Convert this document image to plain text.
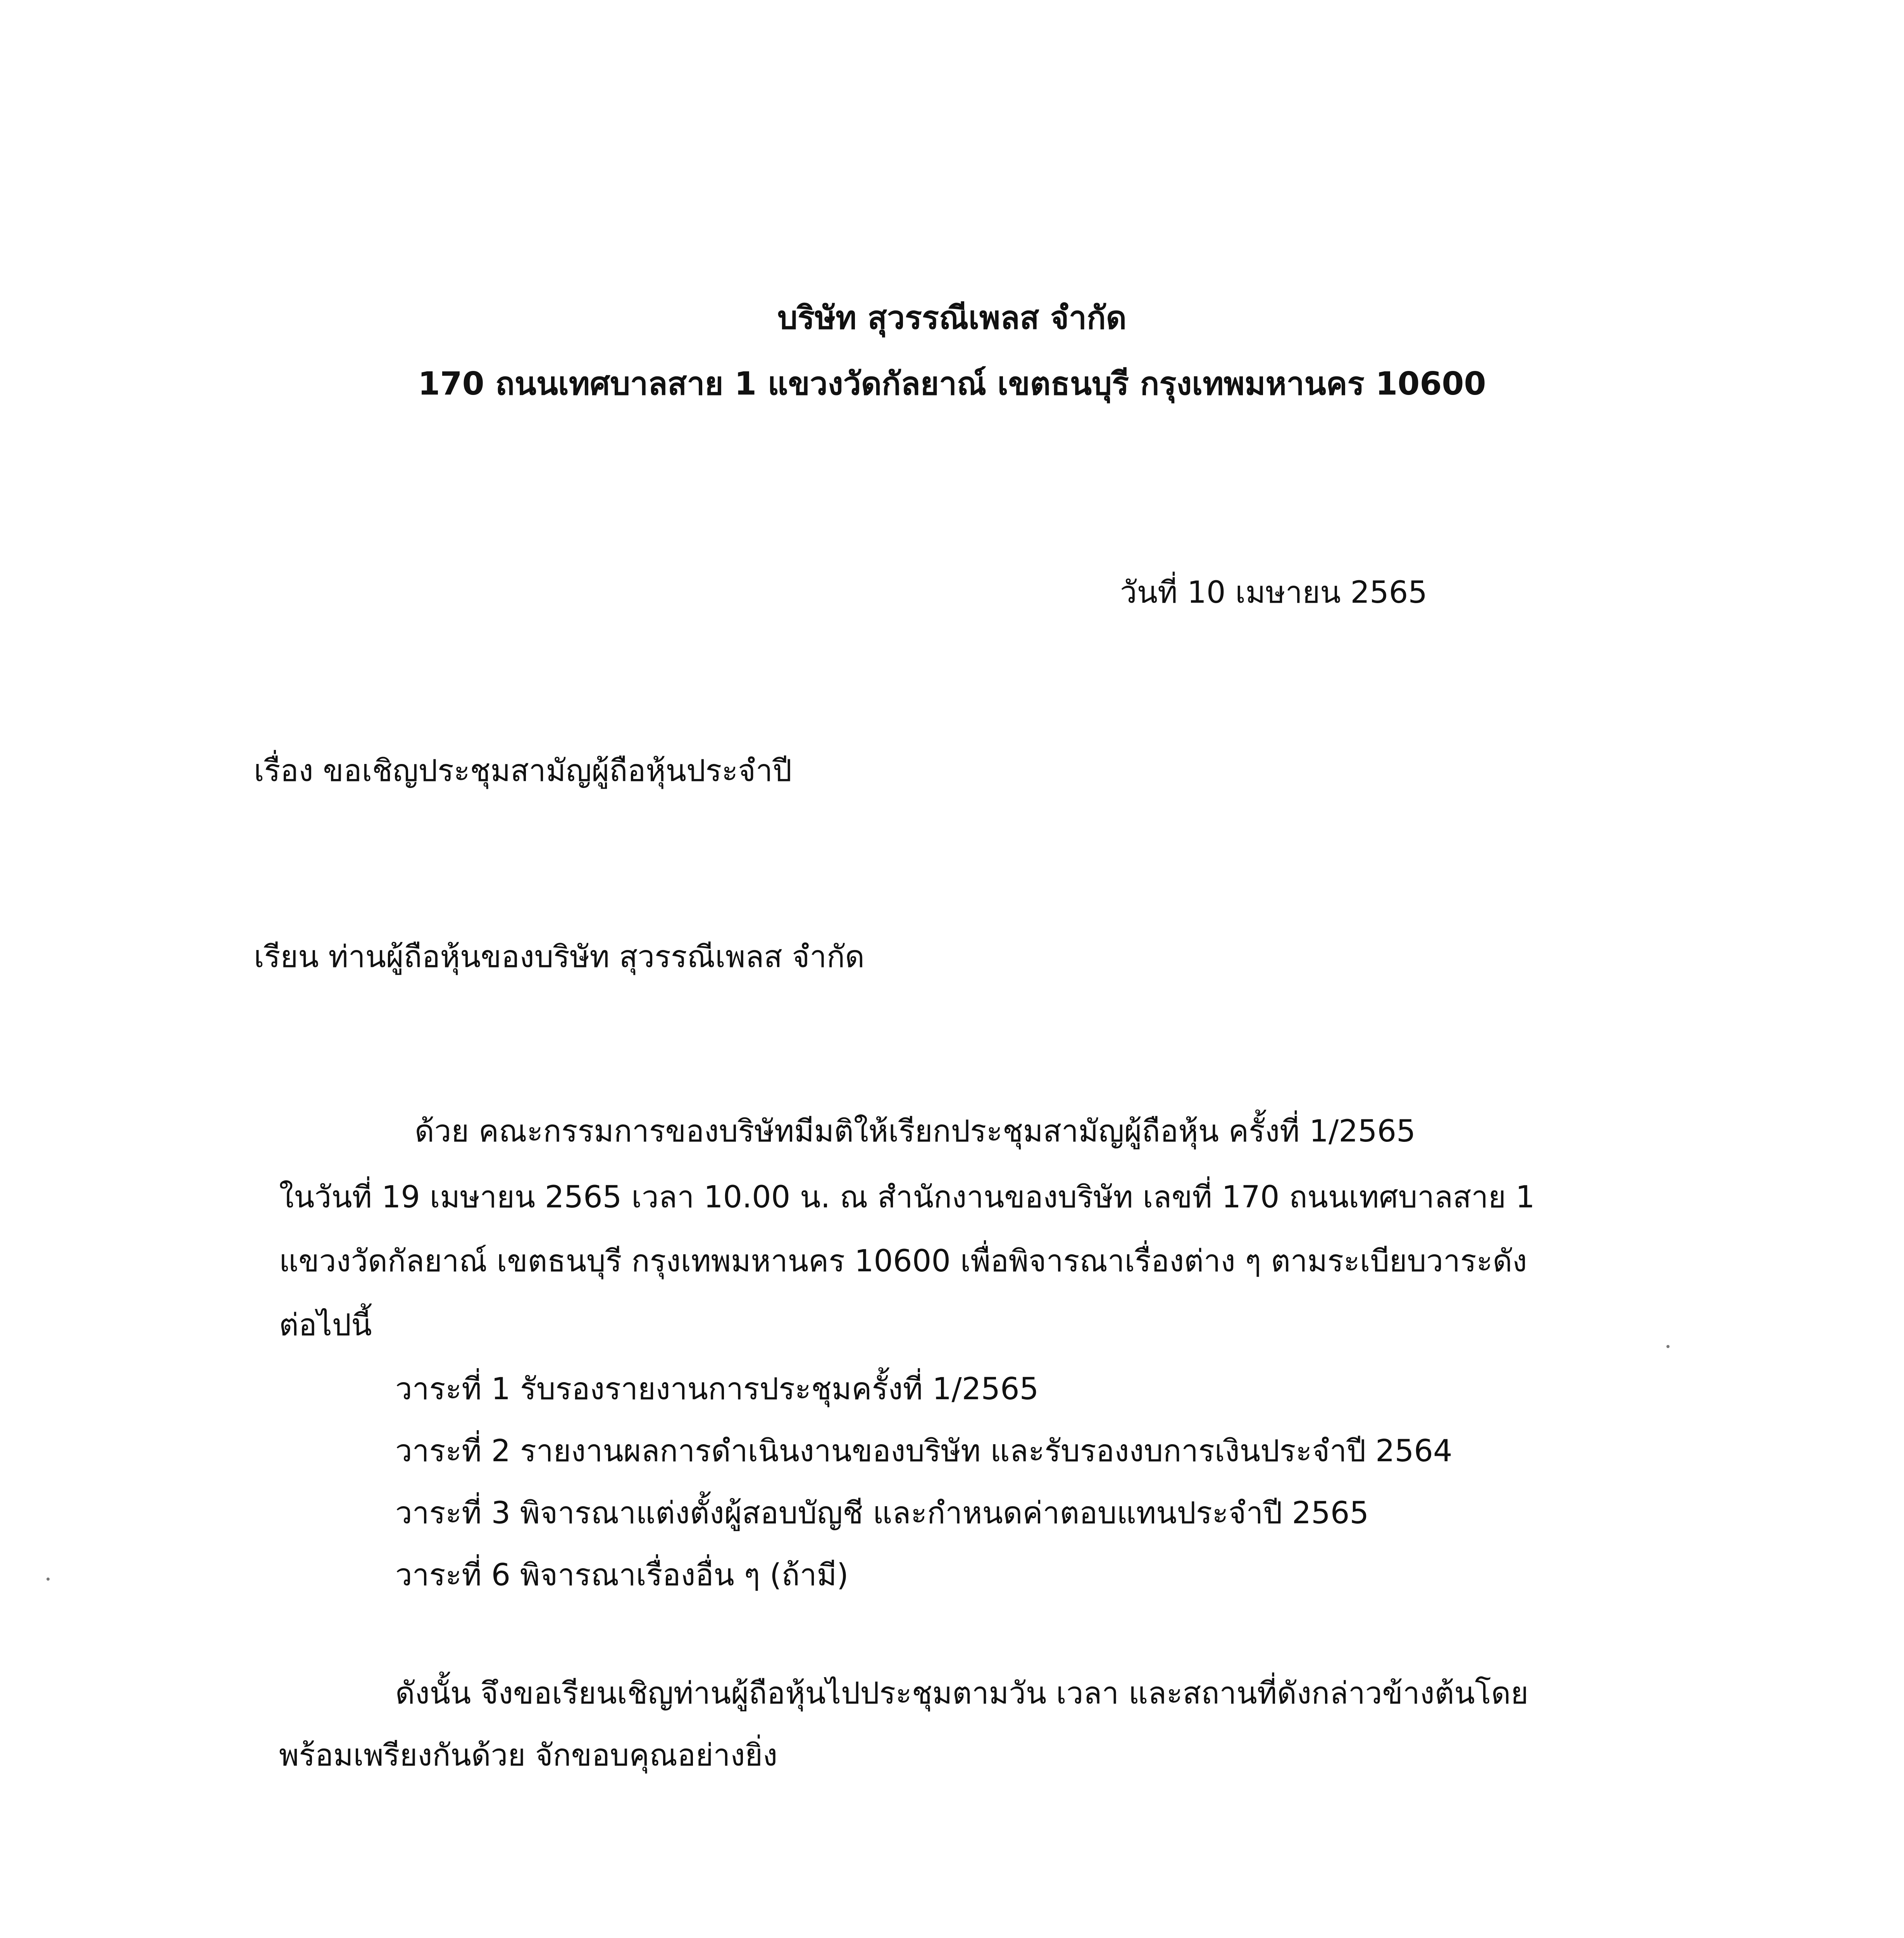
บริษัท สุวรรณีเพลส จำกัด
170 ถนนเทศบาลสาย 1 แขวงวัดกัลยาณ์ เขตธนบุรี กรุงเทพมหานคร 10600
วันที่ 10 เมษายน 2565
เรื่อง ขอเชิญประชุมสามัญผู้ถือหุ้นประจำปี
เรียน ท่านผู้ถือหุ้นของบริษัท สุวรรณีเพลส จำกัด
ด้วย คณะกรรมการของบริษัทมีมติให้เรียกประชุมสามัญผู้ถือหุ้น ครั้งที่ 1/2565
ในวันที่ 19 เมษายน 2565 เวลา 10.00 น. ณ สำนักงานของบริษัท เลขที่ 170 ถนนเทศบาลสาย 1
แขวงวัดกัลยาณ์ เขตธนบุรี กรุงเทพมหานคร 10600 เพื่อพิจารณาเรื่องต่าง ๆ ตามระเบียบวาระดัง
ต่อไปนี้
วาระที่ 1 รับรองรายงานการประชุมครั้งที่ 1/2565
วาระที่ 2 รายงานผลการดำเนินงานของบริษัท และรับรองงบการเงินประจำปี 2564
วาระที่ 3 พิจารณาแต่งตั้งผู้สอบบัญชี และกำหนดค่าตอบแทนประจำปี 2565
วาระที่ 6 พิจารณาเรื่องอื่น ๆ (ถ้ามี)
ดังนั้น จึงขอเรียนเชิญท่านผู้ถือหุ้นไปประชุมตามวัน เวลา และสถานที่ดังกล่าวข้างต้นโดย
พร้อมเพรียงกันด้วย จักขอบคุณอย่างยิ่ง
